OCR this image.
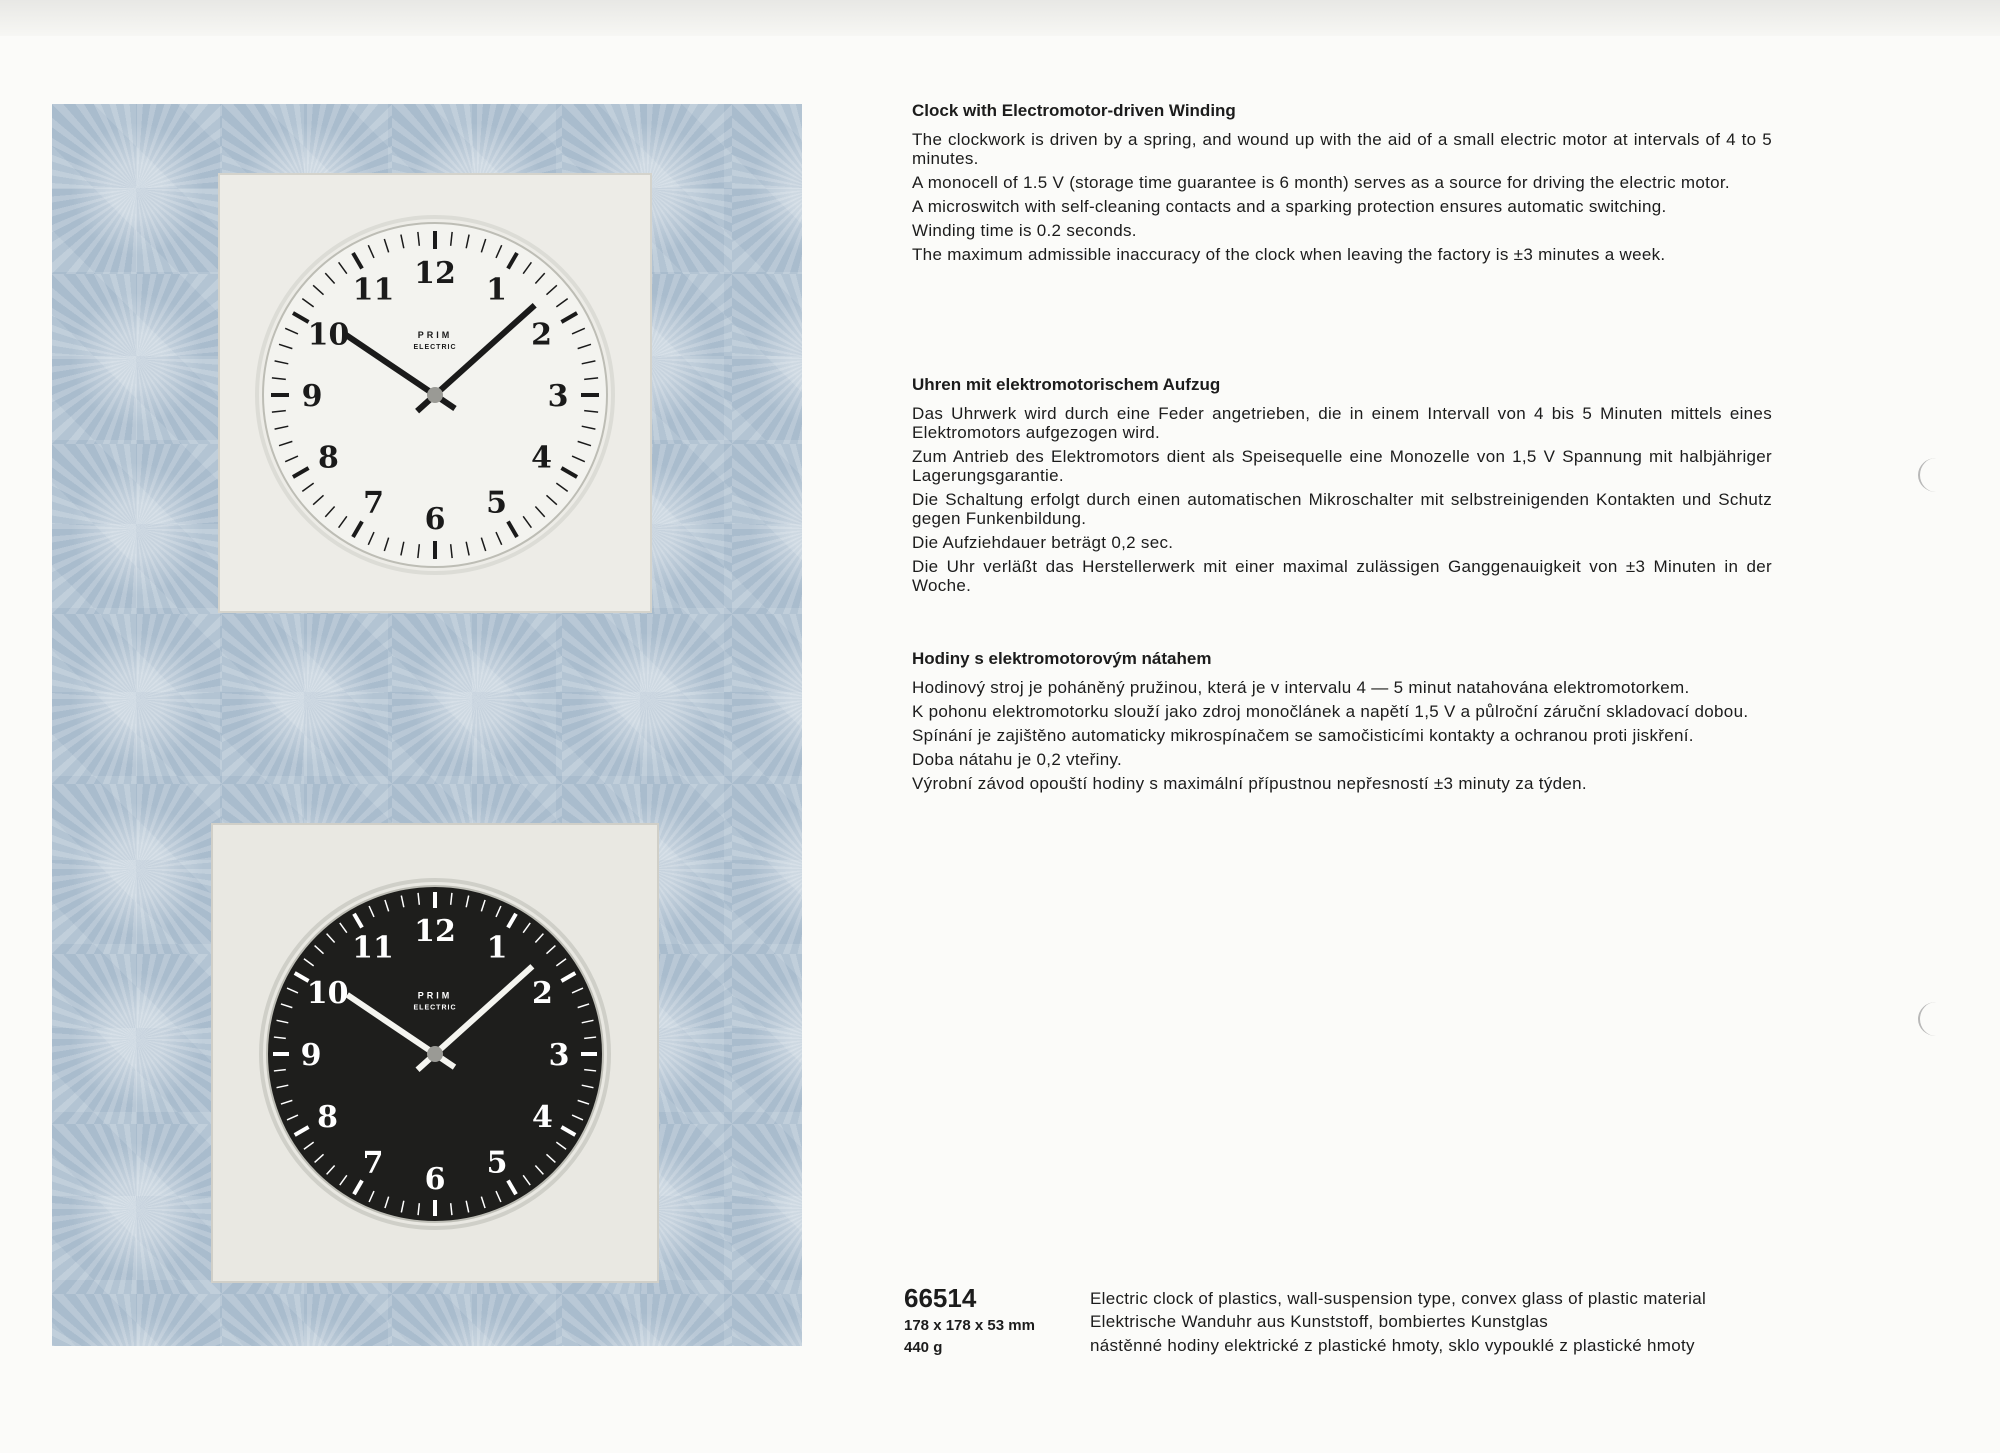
12 1
2
3
4
5
6
7
8
9
10
11
PRIM
ELECTRIC
12 1
2
3
4
5
6
7
8
9
10
11
PRIM
ELECTRIC

Clock with Electromotor-driven Winding

The clockwork is driven by a spring, and wound up with the aid of a small electric motor at intervals of 4 to 5 minutes.

A monocell of 1.5 V (storage time guarantee is 6 month) serves as a source for driving the electric motor.

A microswitch with self-cleaning contacts and a sparking protection ensures automatic switching.

Winding time is 0.2 seconds.

The maximum admissible inaccuracy of the clock when leaving the factory is ±3 minutes a week.

Uhren mit elektromotorischem Aufzug

Das Uhrwerk wird durch eine Feder angetrieben, die in einem Intervall von 4 bis 5 Minuten mittels eines Elektromotors aufgezogen wird.

Zum Antrieb des Elektromotors dient als Speisequelle eine Monozelle von 1,5 V Spannung mit halbjähriger Lagerungsgarantie.

Die Schaltung erfolgt durch einen automatischen Mikroschalter mit selbstreinigenden Kontakten und Schutz gegen Funkenbildung.

Die Aufziehdauer beträgt 0,2 sec.

Die Uhr verläßt das Herstellerwerk mit einer maximal zulässigen Ganggenauigkeit von ±3 Minuten in der Woche.

Hodiny s elektromotorovým nátahem

Hodinový stroj je poháněný pružinou, která je v intervalu 4 — 5 minut natahována elektromotorkem.

K pohonu elektromotorku slouží jako zdroj monočlánek a napětí 1,5 V a půlroční záruční skladovací dobou.

Spínání je zajištěno automaticky mikrospínačem se samočisticími kontakty a ochranou proti jiskření.

Doba nátahu je 0,2 vteřiny.

Výrobní závod opouští hodiny s maximální přípustnou nepřesností ±3 minuty za týden.

66514
178 x 178 x 53 mm
440 g
Electric clock of plastics, wall-suspension type, convex glass of plastic material
Elektrische Wanduhr aus Kunststoff, bombiertes Kunstglas
nástěnné hodiny elektrické z plastické hmoty, sklo vypouklé z plastické hmoty
